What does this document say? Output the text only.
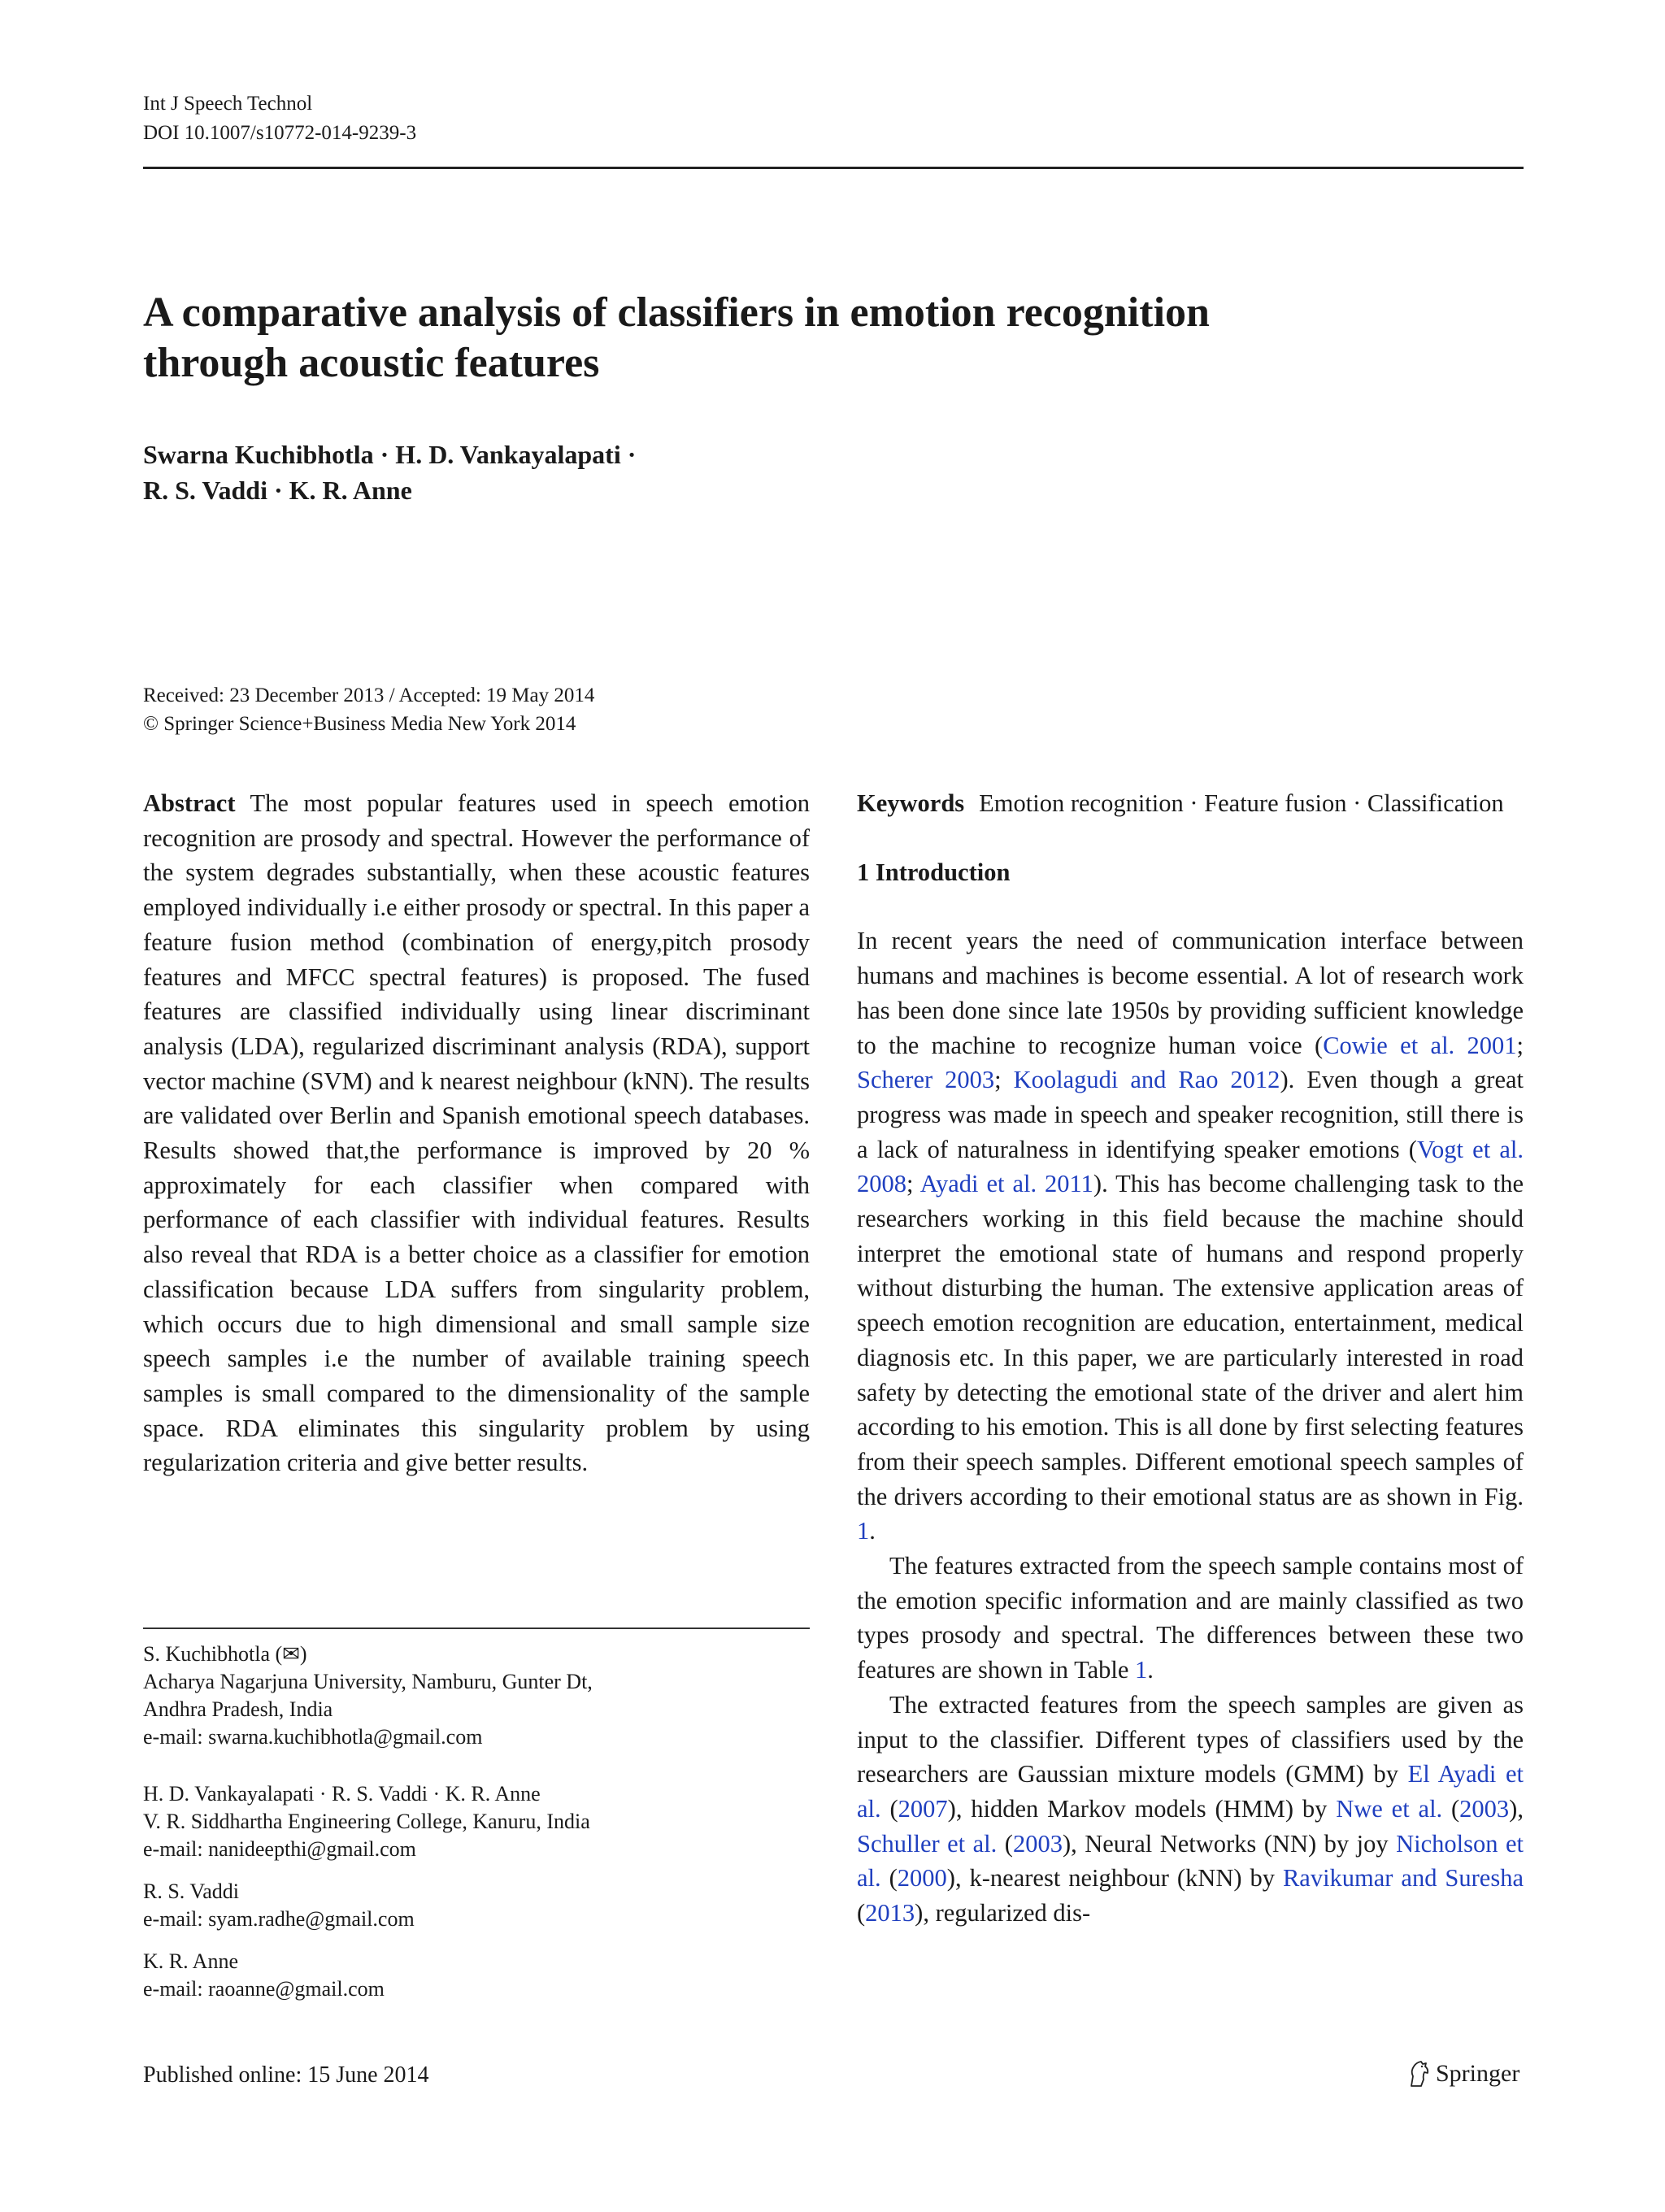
Int J Speech Technol
DOI 10.1007/s10772-014-9239-3
A comparative analysis of classifiers in emotion recognition
through acoustic features
Swarna Kuchibhotla · H. D. Vankayalapati ·
R. S. Vaddi · K. R. Anne
Received: 23 December 2013 / Accepted: 19 May 2014
© Springer Science+Business Media New York 2014

Abstract The most popular features used in speech emotion recognition are prosody and spectral. However the performance of the system degrades substantially, when these acoustic features employed individually i.e either prosody or spectral. In this paper a feature fusion method (combination of energy,pitch prosody features and MFCC spectral features) is proposed. The fused features are classified individually using linear discriminant analysis (LDA), regularized discriminant analysis (RDA), support vector machine (SVM) and k nearest neighbour (kNN). The results are validated over Berlin and Spanish emotional speech databases. Results showed that,the performance is improved by 20 % approximately for each classifier when compared with performance of each classifier with individual features. Results also reveal that RDA is a better choice as a classifier for emotion classification because LDA suffers from singularity problem, which occurs due to high dimensional and small sample size speech samples i.e the number of available training speech samples is small compared to the dimensionality of the sample space. RDA eliminates this singularity problem by using regularization criteria and give better results.

S. Kuchibhotla (✉)
Acharya Nagarjuna University, Namburu, Gunter Dt,
Andhra Pradesh, India
e-mail: swarna.kuchibhotla@gmail.com
H. D. Vankayalapati · R. S. Vaddi · K. R. Anne
V. R. Siddhartha Engineering College, Kanuru, India
e-mail: nanideepthi@gmail.com
R. S. Vaddi
e-mail: syam.radhe@gmail.com
K. R. Anne
e-mail: raoanne@gmail.com

Keywords Emotion recognition · Feature fusion · Classification

1 Introduction

In recent years the need of communication interface between humans and machines is become essential. A lot of research work has been done since late 1950s by providing sufficient knowledge to the machine to recognize human voice (Cowie et al. 2001; Scherer 2003; Koolagudi and Rao 2012). Even though a great progress was made in speech and speaker recognition, still there is a lack of naturalness in identifying speaker emotions (Vogt et al. 2008; Ayadi et al. 2011). This has become challenging task to the researchers working in this field because the machine should interpret the emotional state of humans and respond properly without disturbing the human. The extensive application areas of speech emotion recognition are education, entertainment, medical diagnosis etc. In this paper, we are particularly interested in road safety by detecting the emotional state of the driver and alert him according to his emotion. This is all done by first selecting features from their speech samples. Different emotional speech samples of the drivers according to their emotional status are as shown in Fig. 1.

The features extracted from the speech sample contains most of the emotion specific information and are mainly classified as two types prosody and spectral. The differences between these two features are shown in Table 1.

The extracted features from the speech samples are given as input to the classifier. Different types of classifiers used by the researchers are Gaussian mixture models (GMM) by El Ayadi et al. (2007), hidden Markov models (HMM) by Nwe et al. (2003), Schuller et al. (2003), Neural Networks (NN) by joy Nicholson et al. (2000), k-nearest neighbour (kNN) by Ravikumar and Suresha (2013), regularized dis-

Published online: 15 June 2014	Springer
